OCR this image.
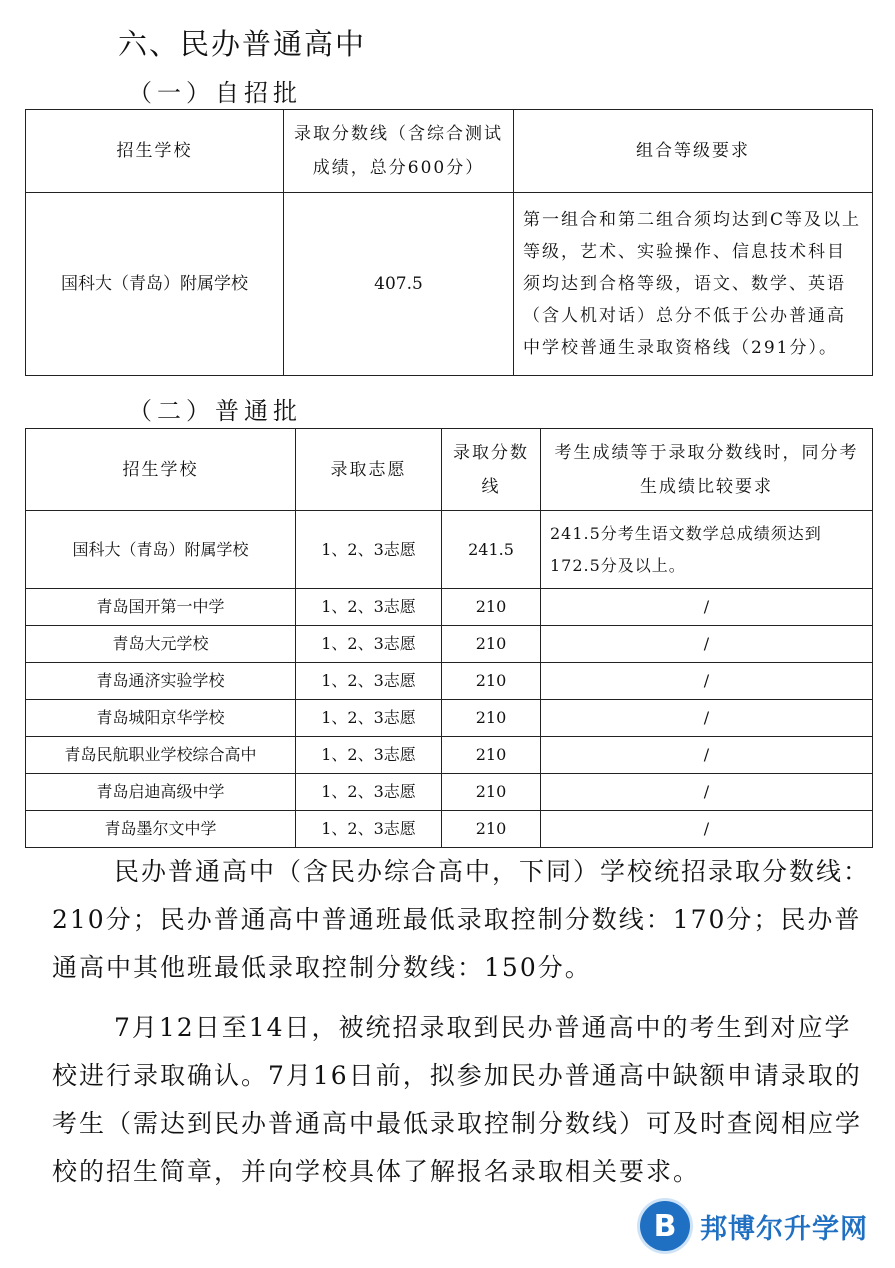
六、民办普通高中
（一）自招批
招生学校	录取分数线（含综合测试成绩，总分600分）	组合等级要求
国科大（青岛）附属学校	407.5	第一组合和第二组合须均达到C等及以上等级，艺术、实验操作、信息技术科目须均达到合格等级，语文、数学、英语（含人机对话）总分不低于公办普通高中学校普通生录取资格线（291分）。
（二）普通批
招生学校	录取志愿	录取分数线	考生成绩等于录取分数线时，同分考生成绩比较要求
国科大（青岛）附属学校	1、2、3志愿	241.5	241.5分考生语文数学总成绩须达到172.5分及以上。
青岛国开第一中学	1、2、3志愿	210	/
青岛大元学校	1、2、3志愿	210	/
青岛通济实验学校	1、2、3志愿	210	/
青岛城阳京华学校	1、2、3志愿	210	/
青岛民航职业学校综合高中	1、2、3志愿	210	/
青岛启迪高级中学	1、2、3志愿	210	/
青岛墨尔文中学	1、2、3志愿	210	/

民办普通高中（含民办综合高中，下同）学校统招录取分数线：210分；民办普通高中普通班最低录取控制分数线：170分；民办普通高中其他班最低录取控制分数线：150分。

7月12日至14日，被统招录取到民办普通高中的考生到对应学校进行录取确认。7月16日前，拟参加民办普通高中缺额申请录取的考生（需达到民办普通高中最低录取控制分数线）可及时查阅相应学校的招生简章，并向学校具体了解报名录取相关要求。

B 邦博尔升学网
